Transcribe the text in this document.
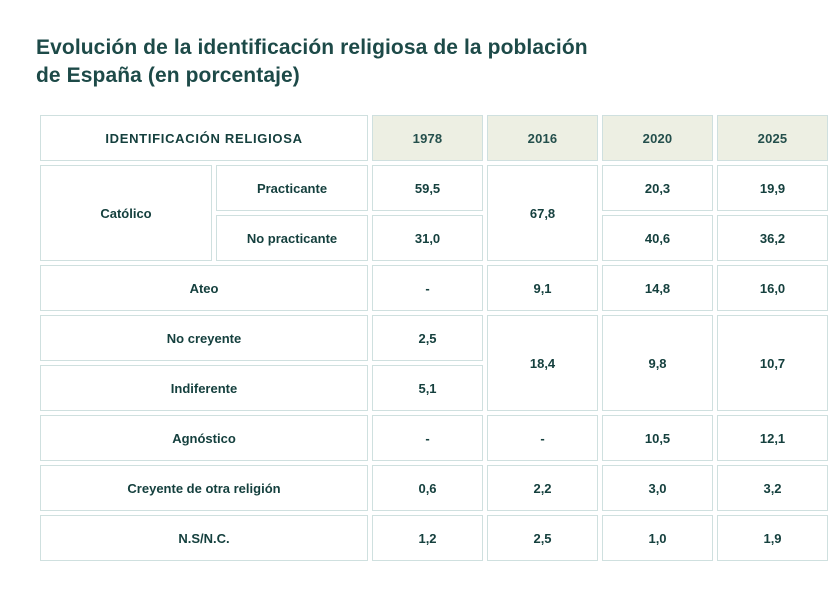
Evolución de la identificación religiosa de la población
de España (en porcentaje)
IDENTIFICACIÓN RELIGIOSA		1978	2016	2020	2025
Católico	Practicante	59,5	67,8	20,3	19,9
	No practicante	31,0		40,6	36,2
Ateo		-	9,1	14,8	16,0
No creyente		2,5	18,4	9,8	10,7
Indiferente		5,1			
Agnóstico		-	-	10,5	12,1
Creyente de otra religión		0,6	2,2	3,0	3,2
N.S/N.C.		1,2	2,5	1,0	1,9
